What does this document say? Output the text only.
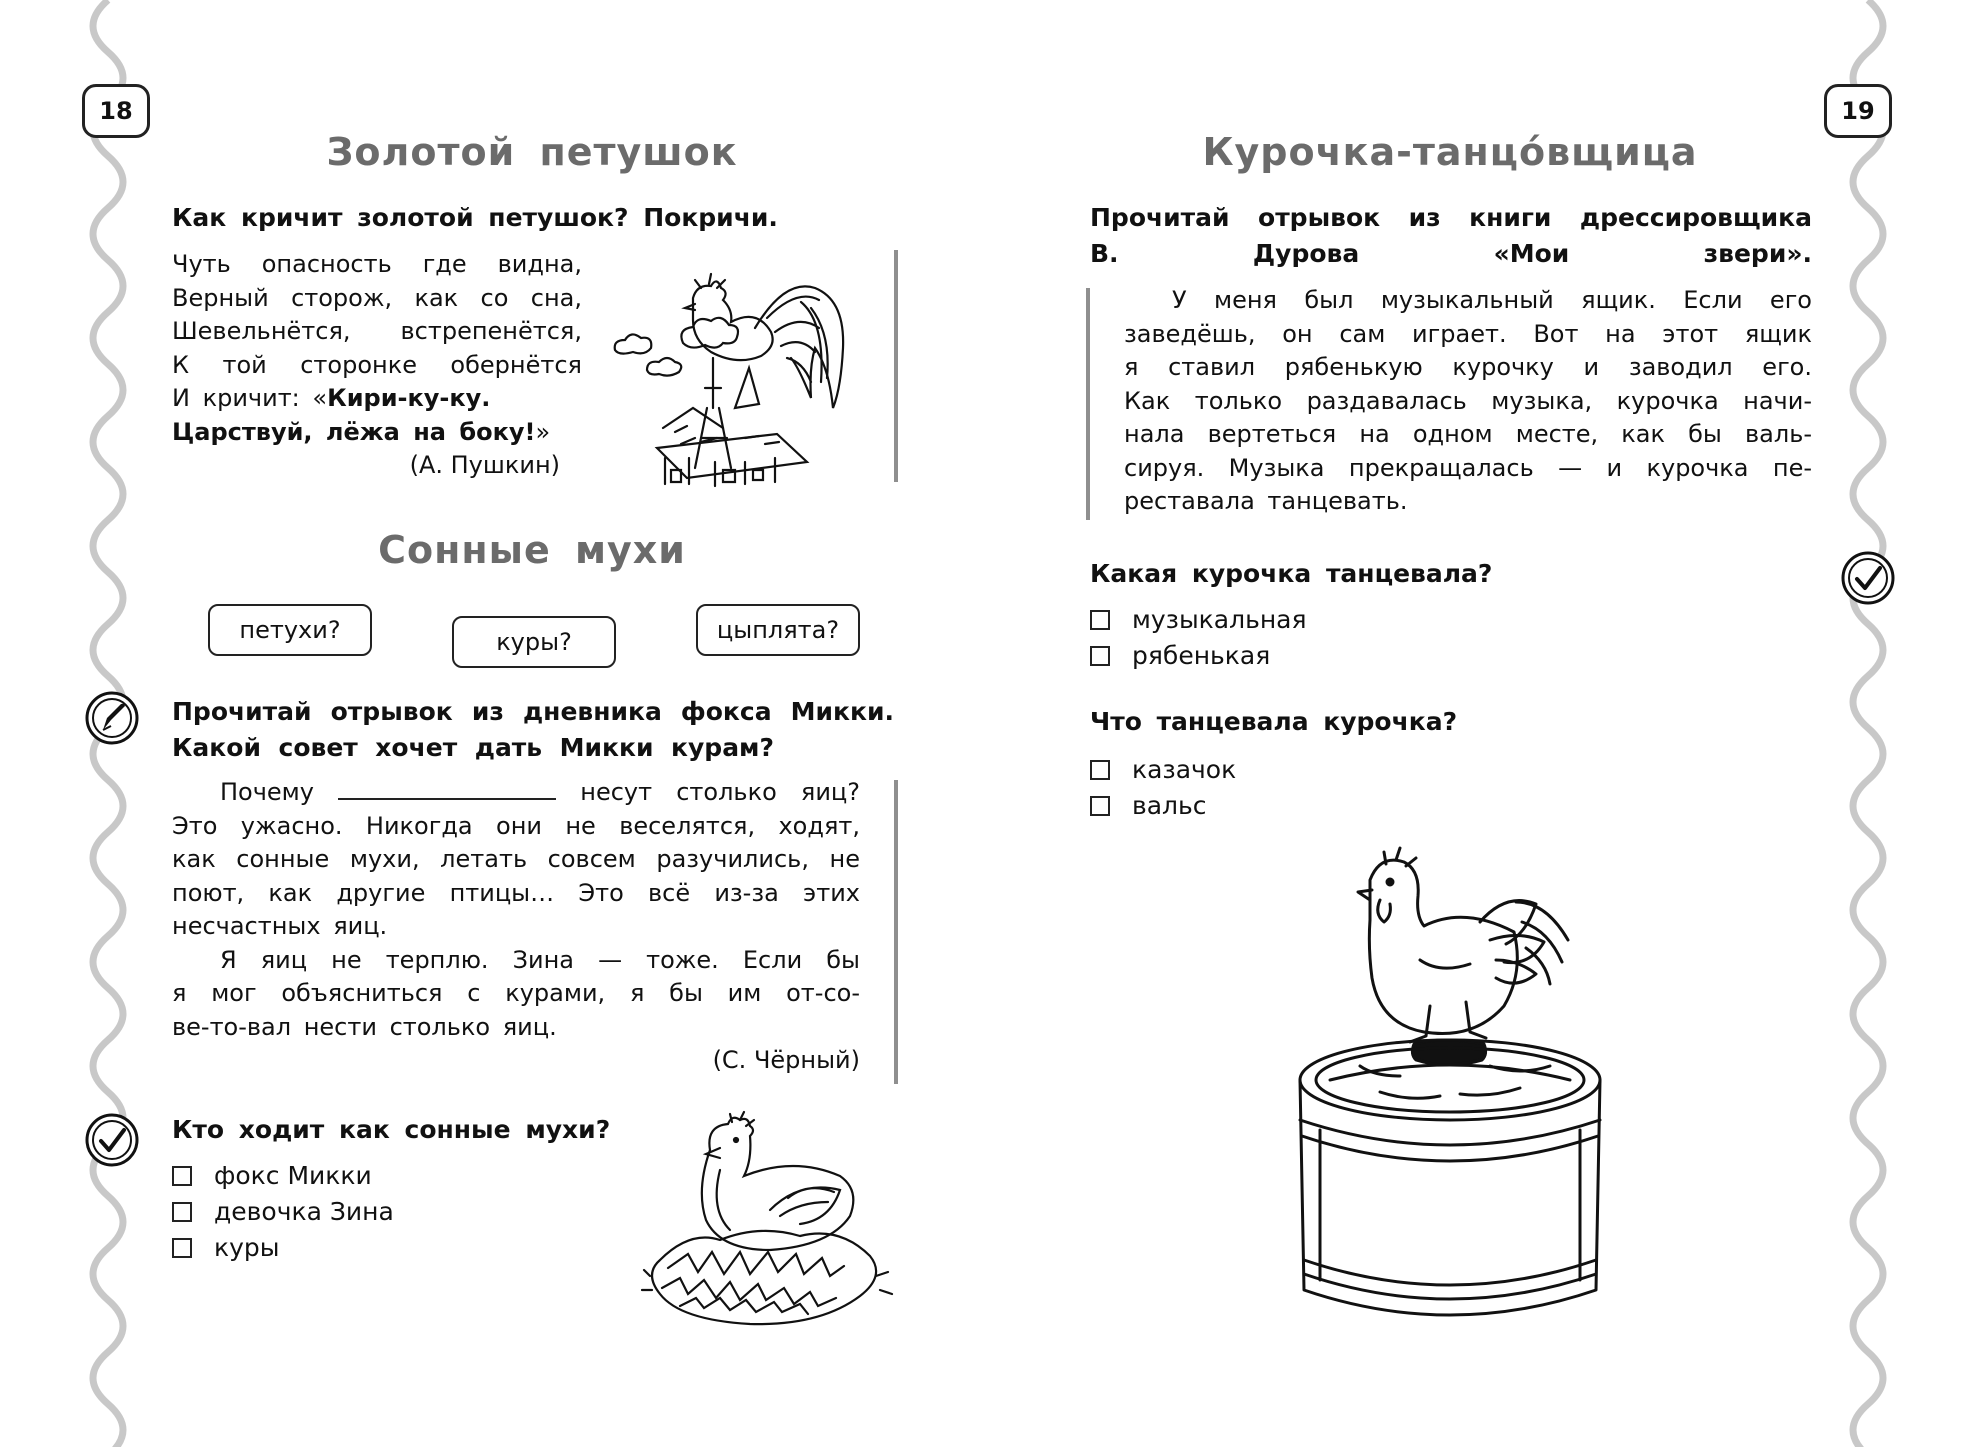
18
Золотой петушок
Как кричит золотой петушок? Покричи.
Чуть опасность где видна,
Верный сторож, как со сна,
Шевельнётся, встрепенётся,
К той сторонке обернётся
И кричит: «Кири-ку-ку.
Царствуй, лёжа на боку!»
(А. Пушкин)
Сонные мухи
петухи?	куры?	цыплята?
Прочитай отрывок из дневника фокса Микки.
Какой совет хочет дать Микки курам?
Почему	несут столько яиц?
Это ужасно. Никогда они не веселятся, ходят,
как сонные мухи, летать совсем разучились, не
поют, как другие птицы… Это всё из-за этих
несчастных яиц.
Я яиц не терплю. Зина — тоже. Если бы
я мог объясниться с курами, я бы им от-со-
ве-то-вал нести столько яиц.
(С. Чёрный)
Кто ходит как сонные мухи?
фокс Микки
девочка Зина
куры
19
Курочка-танцо́вщица
Прочитай отрывок из книги дрессировщика
В. Дурова «Мои звери».
У меня был музыкальный ящик. Если его
заведёшь, он сам играет. Вот на этот ящик
я ставил рябенькую курочку и заводил его.
Как только раздавалась музыка, курочка начи-
нала вертеться на одном месте, как бы валь-
сируя. Музыка прекращалась — и курочка пе-
реставала танцевать.
Какая курочка танцевала?
музыкальная
рябенькая
Что танцевала курочка?
казачок
вальс
